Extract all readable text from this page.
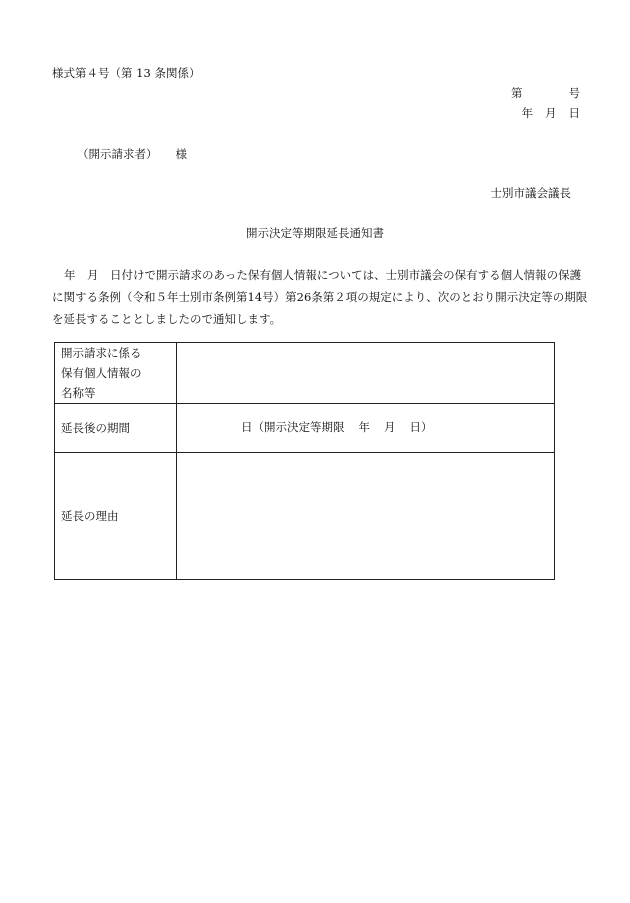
様式第４号（第 13 条関係）
第	号
年 月 日
（開示請求者） 様
士別市議会議長
開示決定等期限延長通知書
年　月　日付けで開示請求のあった保有個人情報については、士別市議会の保有する個人情報の保護に関する条例（令和５年士別市条例第14号）第26条第２項の規定により、次のとおり開示決定等の期限を延長することとしましたので通知します。
開示請求に係る
保有個人情報の
名称等	

延長後の期間	日（開示決定等期限 年 月 日）

延長の理由	
